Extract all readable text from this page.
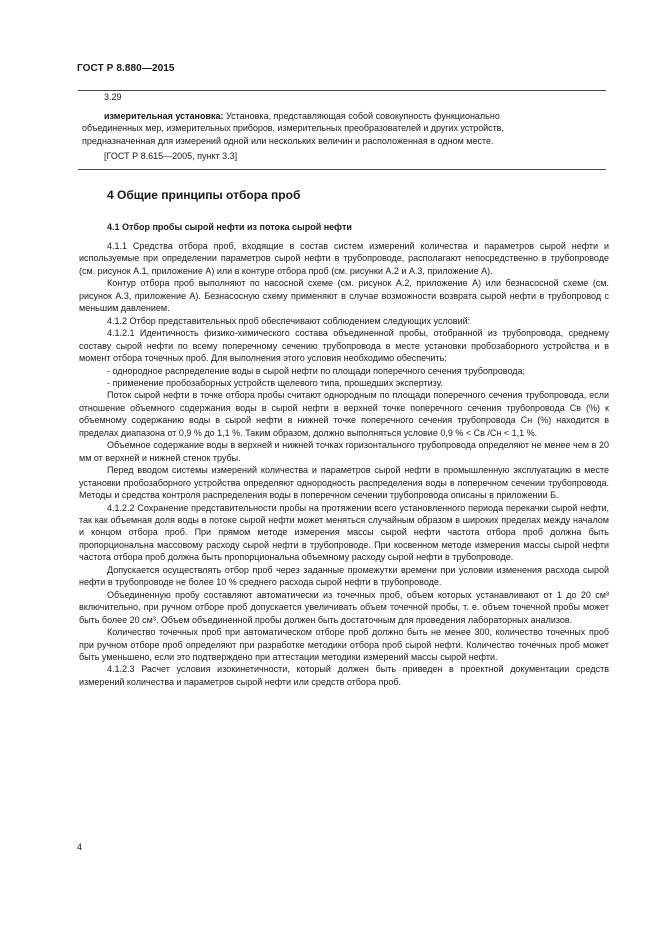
ГОСТ Р 8.880—2015
3.29
измерительная установка: Установка, представляющая собой совокупность функционально
объединенных мер, измерительных приборов, измерительных преобразователей и других устройств,
предназначенная для измерений одной или нескольких величин и расположенная в одном месте.
[ГОСТ Р 8.615—2005, пункт 3.3]
4 Общие принципы отбора проб
4.1 Отбор пробы сырой нефти из потока сырой нефти

4.1.1 Средства отбора проб, входящие в состав систем измерений количества и параметров сырой нефти и используемые при определении параметров сырой нефти в трубопроводе, располагают непосредственно в трубопроводе (см. рисунок А.1, приложение А) или в контуре отбора проб (см. рисунки А.2 и А.3, приложение А).

Контур отбора проб выполняют по насосной схеме (см. рисунок А.2, приложение А) или безнасосной схеме (см. рисунок А.3, приложение А). Безнасосную схему применяют в случае возможности возврата сырой нефти в трубопровод с меньшим давлением.

4.1.2 Отбор представительных проб обеспечивают соблюдением следующих условий:

4.1.2.1 Идентичность физико-химического состава объединенной пробы, отобранной из трубопровода, среднему составу сырой нефти по всему поперечному сечению трубопровода в месте установки пробозаборного устройства и в момент отбора точечных проб. Для выполнения этого условия необходимо обеспечить:

- однородное распределение воды в сырой нефти по площади поперечного сечения трубопровода;

- применение пробозаборных устройств щелевого типа, прошедших экспертизу.

Поток сырой нефти в точке отбора пробы считают однородным по площади поперечного сечения трубопровода, если отношение объемного содержания воды в сырой нефти в верхней точке поперечного сечения трубопровода Cв (%) к объемному содержанию воды в сырой нефти в нижней точке поперечного сечения трубопровода Cн (%) находится в пределах диапазона от 0,9 % до 1,1 %. Таким образом, должно выполняться условие 0,9 % < Cв /Cн < 1,1 %.

Объемное содержание воды в верхней и нижней точках горизонтального трубопровода определяют не менее чем в 20 мм от верхней и нижней стенок трубы.

Перед вводом системы измерений количества и параметров сырой нефти в промышленную эксплуатацию в месте установки пробозаборного устройства определяют однородность распределения воды в поперечном сечении трубопровода. Методы и средства контроля распределения воды в поперечном сечении трубопровода описаны в приложении Б.

4.1.2.2 Сохранение представительности пробы на протяжении всего установленного периода перекачки сырой нефти, так как объемная доля воды в потоке сырой нефти может меняться случайным образом в широких пределах между началом и концом отбора проб. При прямом методе измерения массы сырой нефти частота отбора проб должна быть пропорциональна массовому расходу сырой нефти в трубопроводе. При косвенном методе измерения массы сырой нефти частота отбора проб должна быть пропорциональна объемному расходу сырой нефти в трубопроводе.

Допускается осуществлять отбор проб через заданные промежутки времени при условии изменения расхода сырой нефти в трубопроводе не более 10 % среднего расхода сырой нефти в трубопроводе.

Объединенную пробу составляют автоматически из точечных проб, объем которых устанавливают от 1 до 20 см³ включительно, при ручном отборе проб допускается увеличивать объем точечной пробы, т. е. объем точечной пробы может быть более 20 см³. Объем объединенной пробы должен быть достаточным для проведения лабораторных анализов.

Количество точечных проб при автоматическом отборе проб должно быть не менее 300, количество точечных проб при ручном отборе проб определяют при разработке методики отбора проб сырой нефти. Количество точечных проб может быть уменьшено, если это подтверждено при аттестации методики измерений массы сырой нефти.

4.1.2.3 Расчет условия изокинетичности, который должен быть приведен в проектной документации средств измерений количества и параметров сырой нефти или средств отбора проб.

4
